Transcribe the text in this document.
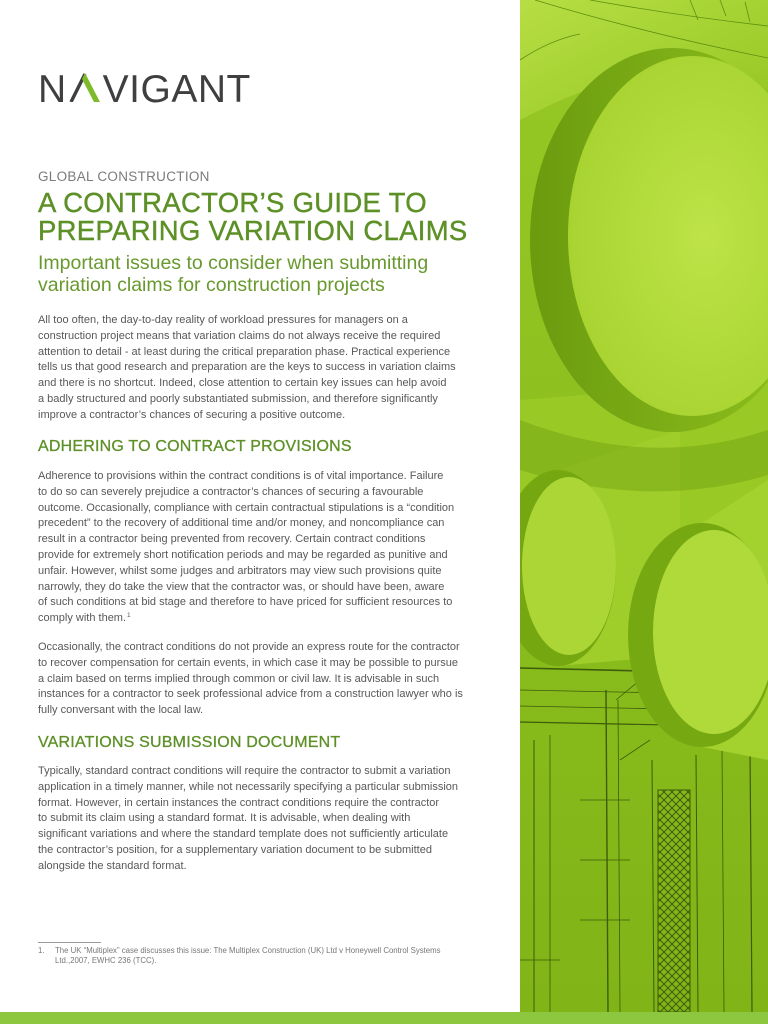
N VIGANT
GLOBAL CONSTRUCTION
A CONTRACTOR’S GUIDE TO
PREPARING VARIATION CLAIMS
Important issues to consider when submitting
variation claims for construction projects
All too often, the day-to-day reality of workload pressures for managers on a
construction project means that variation claims do not always receive the required
attention to detail - at least during the critical preparation phase. Practical experience
tells us that good research and preparation are the keys to success in variation claims
and there is no shortcut. Indeed, close attention to certain key issues can help avoid
a badly structured and poorly substantiated submission, and therefore significantly
improve a contractor’s chances of securing a positive outcome.
ADHERING TO CONTRACT PROVISIONS
Adherence to provisions within the contract conditions is of vital importance. Failure
to do so can severely prejudice a contractor’s chances of securing a favourable
outcome. Occasionally, compliance with certain contractual stipulations is a “condition
precedent” to the recovery of additional time and/or money, and noncompliance can
result in a contractor being prevented from recovery. Certain contract conditions
provide for extremely short notification periods and may be regarded as punitive and
unfair. However, whilst some judges and arbitrators may view such provisions quite
narrowly, they do take the view that the contractor was, or should have been, aware
of such conditions at bid stage and therefore to have priced for sufficient resources to
comply with them.$^1$
Occasionally, the contract conditions do not provide an express route for the contractor
to recover compensation for certain events, in which case it may be possible to pursue
a claim based on terms implied through common or civil law. It is advisable in such
instances for a contractor to seek professional advice from a construction lawyer who is
fully conversant with the local law.
VARIATIONS SUBMISSION DOCUMENT
Typically, standard contract conditions will require the contractor to submit a variation
application in a timely manner, while not necessarily specifying a particular submission
format. However, in certain instances the contract conditions require the contractor
to submit its claim using a standard format. It is advisable, when dealing with
significant variations and where the standard template does not sufficiently articulate
the contractor’s position, for a supplementary variation document to be submitted
alongside the standard format.
1. The UK “Multiplex” case discusses this issue: The Multiplex Construction (UK) Ltd v Honeywell Control Systems
Ltd.,2007, EWHC 236 (TCC).
